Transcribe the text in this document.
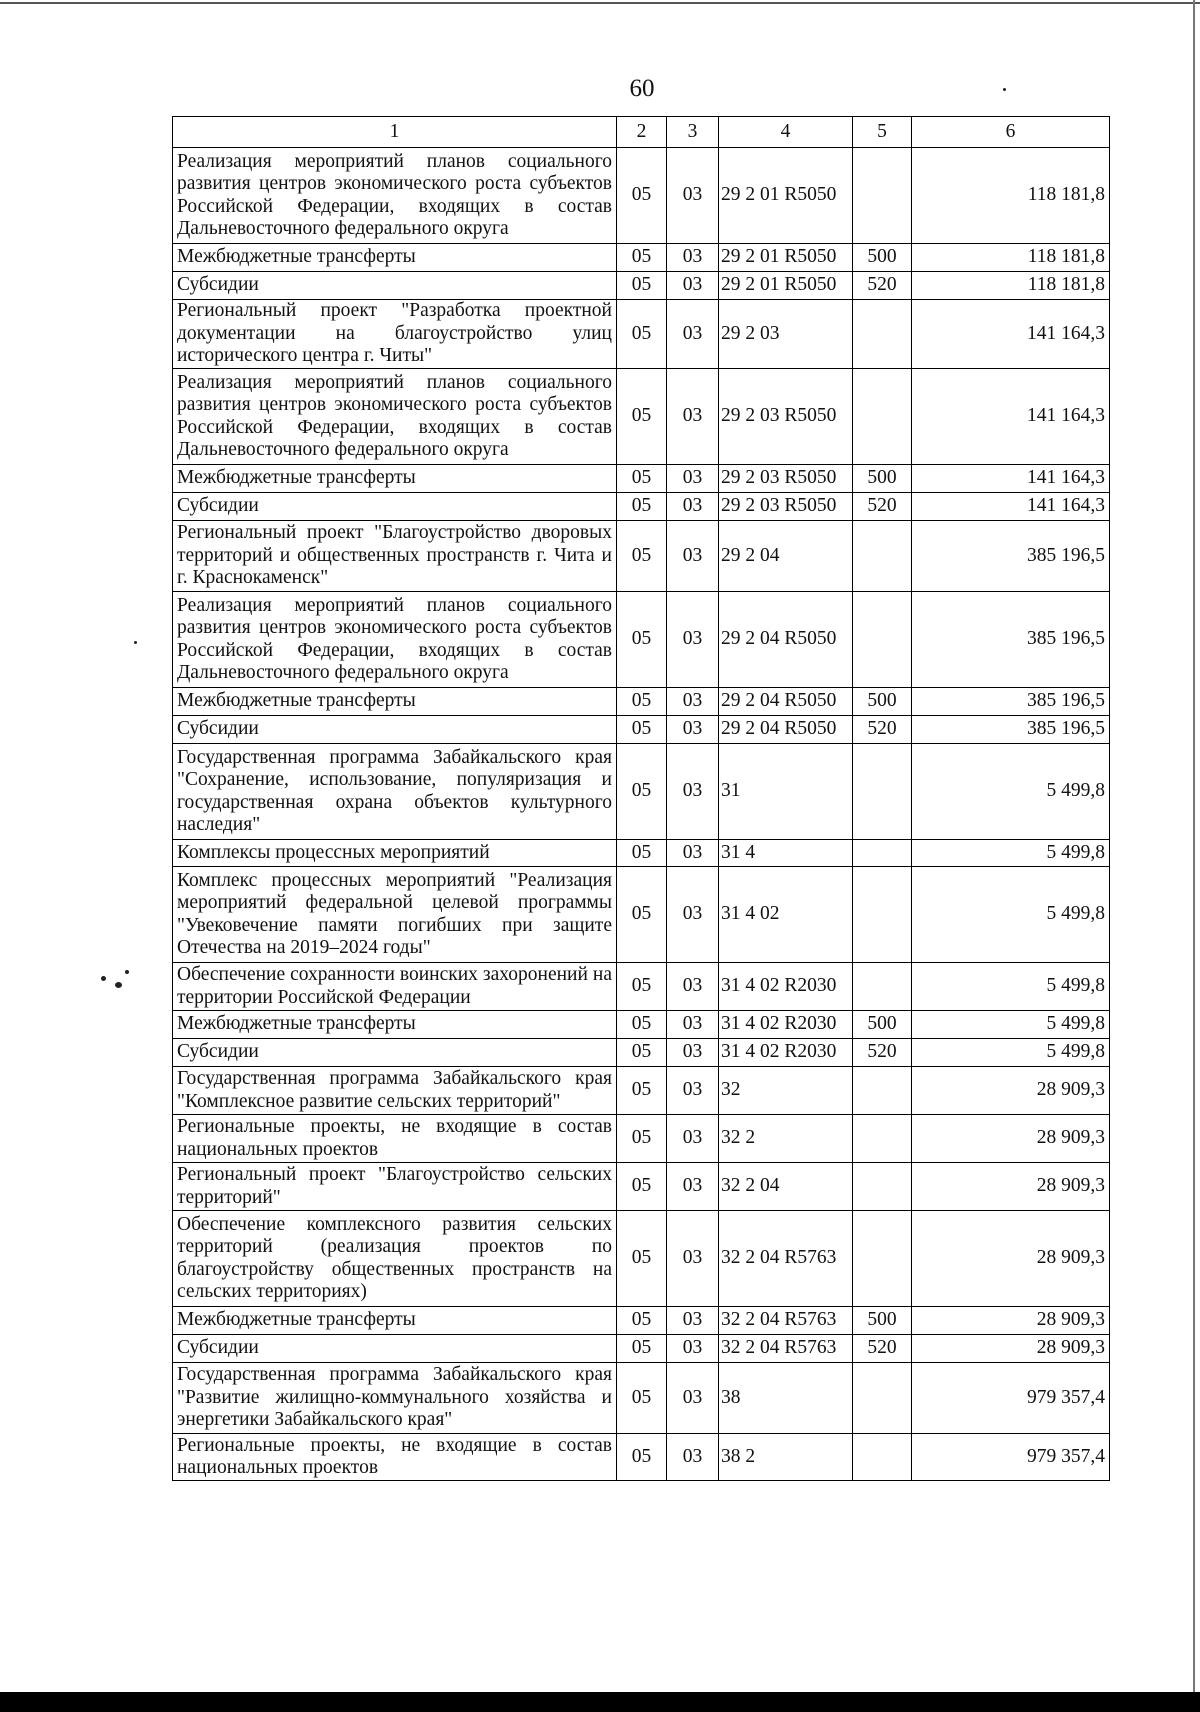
60
1	2	3	4	5	6
Реализация мероприятий планов социального развития центров экономического роста субъектов Российской Федерации, входящих в состав Дальневосточного федерального округа	05	03	29 2 01 R5050		118 181,8
Межбюджетные трансферты	05	03	29 2 01 R5050	500	118 181,8
Субсидии	05	03	29 2 01 R5050	520	118 181,8
Региональный проект "Разработка проектной документации на благоустройство улиц исторического центра г. Читы"	05	03	29 2 03		141 164,3
Реализация мероприятий планов социального развития центров экономического роста субъектов Российской Федерации, входящих в состав Дальневосточного федерального округа	05	03	29 2 03 R5050		141 164,3
Межбюджетные трансферты	05	03	29 2 03 R5050	500	141 164,3
Субсидии	05	03	29 2 03 R5050	520	141 164,3
Региональный проект "Благоустройство дворовых территорий и общественных пространств г. Чита и г. Краснокаменск"	05	03	29 2 04		385 196,5
Реализация мероприятий планов социального развития центров экономического роста субъектов Российской Федерации, входящих в состав Дальневосточного федерального округа	05	03	29 2 04 R5050		385 196,5
Межбюджетные трансферты	05	03	29 2 04 R5050	500	385 196,5
Субсидии	05	03	29 2 04 R5050	520	385 196,5
Государственная программа Забайкальского края "Сохранение, использование, популяризация и государственная охрана объектов культурного наследия"	05	03	31		5 499,8
Комплексы процессных мероприятий	05	03	31 4		5 499,8
Комплекс процессных мероприятий "Реализация мероприятий федеральной целевой программы "Увековечение памяти погибших при защите Отечества на 2019–2024 годы"	05	03	31 4 02		5 499,8
Обеспечение сохранности воинских захоронений на территории Российской Федерации	05	03	31 4 02 R2030		5 499,8
Межбюджетные трансферты	05	03	31 4 02 R2030	500	5 499,8
Субсидии	05	03	31 4 02 R2030	520	5 499,8
Государственная программа Забайкальского края "Комплексное развитие сельских территорий"	05	03	32		28 909,3
Региональные проекты, не входящие в состав национальных проектов	05	03	32 2		28 909,3
Региональный проект "Благоустройство сельских территорий"	05	03	32 2 04		28 909,3
Обеспечение комплексного развития сельских территорий (реализация проектов по благоустройству общественных пространств на сельских территориях)	05	03	32 2 04 R5763		28 909,3
Межбюджетные трансферты	05	03	32 2 04 R5763	500	28 909,3
Субсидии	05	03	32 2 04 R5763	520	28 909,3
Государственная программа Забайкальского края "Развитие жилищно-коммунального хозяйства и энергетики Забайкальского края"	05	03	38		979 357,4
Региональные проекты, не входящие в состав национальных проектов	05	03	38 2		979 357,4
